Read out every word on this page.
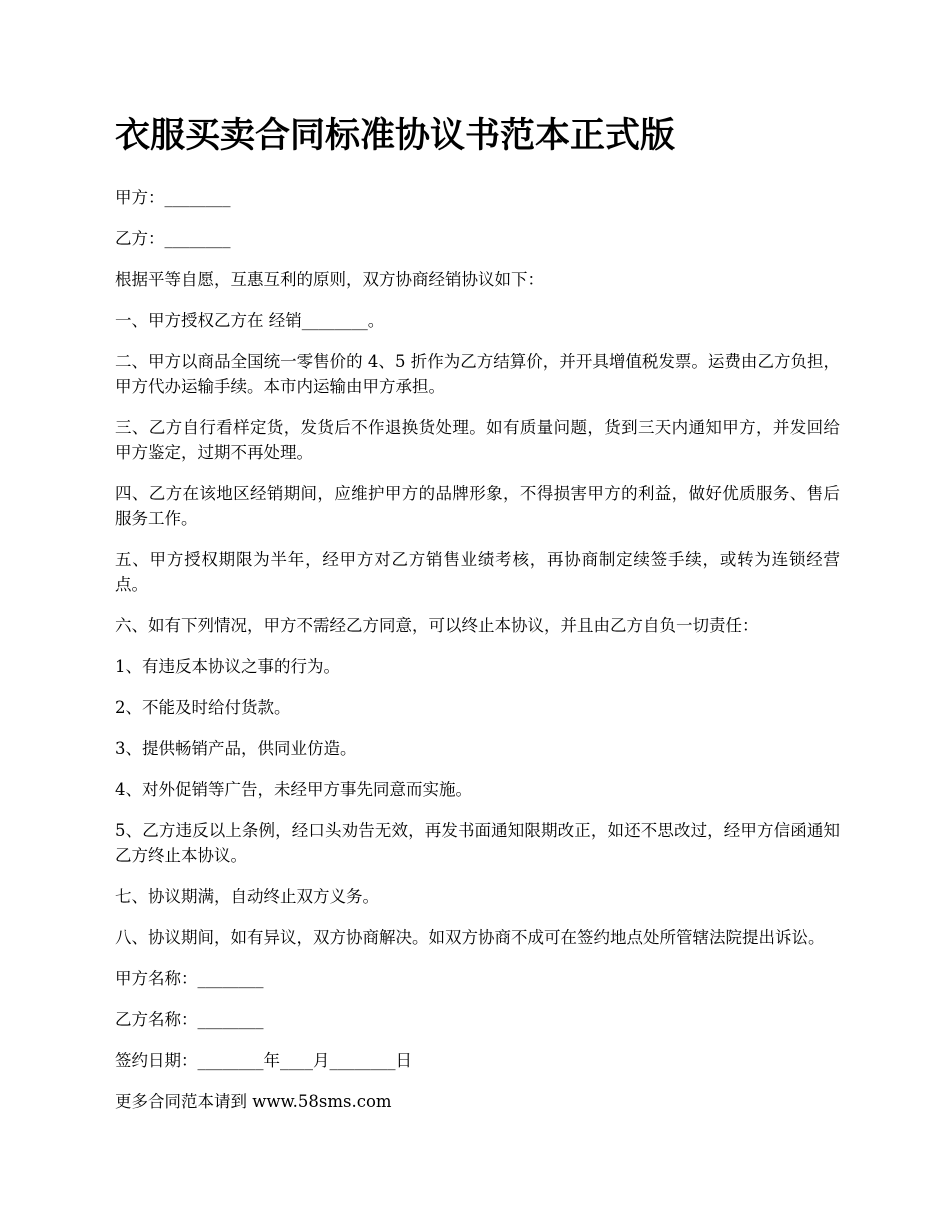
衣服买卖合同标准协议书范本正式版

甲方：________

乙方：________

根据平等自愿，互惠互利的原则，双方协商经销协议如下：

一、甲方授权乙方在 经销________。

二、甲方以商品全国统一零售价的 4、5 折作为乙方结算价，并开具增值税发票。运费由乙方负担，甲方代办运输手续。本市内运输由甲方承担。

三、乙方自行看样定货，发货后不作退换货处理。如有质量问题，货到三天内通知甲方，并发回给甲方鉴定，过期不再处理。

四、乙方在该地区经销期间，应维护甲方的品牌形象，不得损害甲方的利益，做好优质服务、售后服务工作。

五、甲方授权期限为半年，经甲方对乙方销售业绩考核，再协商制定续签手续，或转为连锁经营点。

六、如有下列情况，甲方不需经乙方同意，可以终止本协议，并且由乙方自负一切责任：

1、有违反本协议之事的行为。

2、不能及时给付货款。

3、提供畅销产品，供同业仿造。

4、对外促销等广告，未经甲方事先同意而实施。

5、乙方违反以上条例，经口头劝告无效，再发书面通知限期改正，如还不思改过，经甲方信函通知乙方终止本协议。

七、协议期满，自动终止双方义务。

八、协议期间，如有异议，双方协商解决。如双方协商不成可在签约地点处所管辖法院提出诉讼。

甲方名称：________

乙方名称：________

签约日期：________年____月________日

更多合同范本请到 www.58sms.com
